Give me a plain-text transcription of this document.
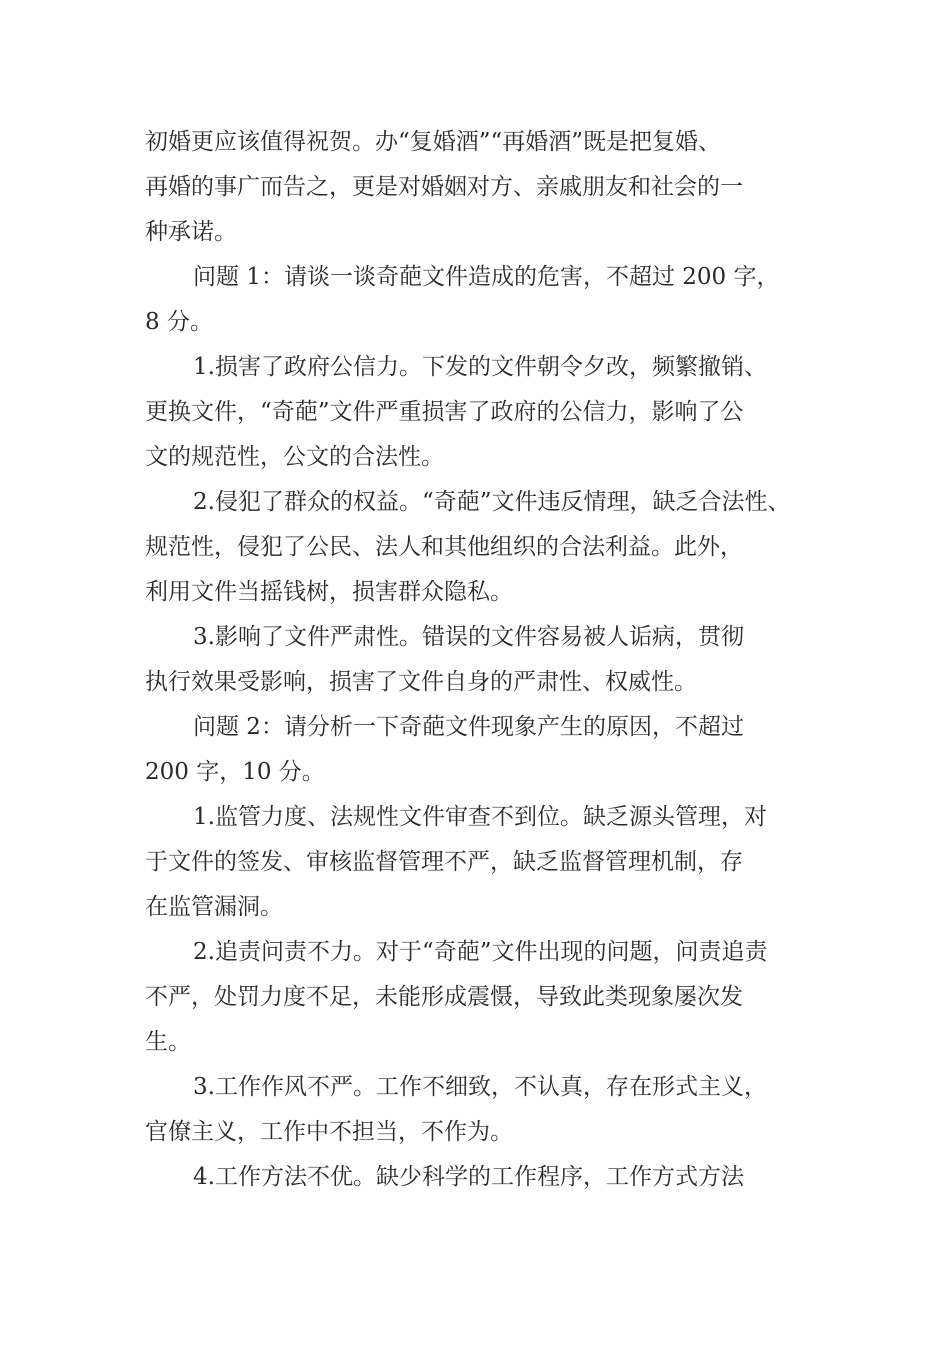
初婚更应该值得祝贺。办“复婚酒”“再婚酒”既是把复婚、
再婚的事广而告之，更是对婚姻对方、亲戚朋友和社会的一
种承诺。
问题 1：请谈一谈奇葩文件造成的危害，不超过 200 字，
8 分。
1.损害了政府公信力。下发的文件朝令夕改，频繁撤销、
更换文件，“奇葩”文件严重损害了政府的公信力，影响了公
文的规范性，公文的合法性。
2.侵犯了群众的权益。“奇葩”文件违反情理，缺乏合法性、
规范性，侵犯了公民、法人和其他组织的合法利益。此外，
利用文件当摇钱树，损害群众隐私。
3.影响了文件严肃性。错误的文件容易被人诟病，贯彻
执行效果受影响，损害了文件自身的严肃性、权威性。
问题 2：请分析一下奇葩文件现象产生的原因，不超过
200 字，10 分。
1.监管力度、法规性文件审查不到位。缺乏源头管理，对
于文件的签发、审核监督管理不严，缺乏监督管理机制，存
在监管漏洞。
2.追责问责不力。对于“奇葩”文件出现的问题，问责追责
不严，处罚力度不足，未能形成震慑，导致此类现象屡次发
生。
3.工作作风不严。工作不细致，不认真，存在形式主义，
官僚主义，工作中不担当，不作为。
4.工作方法不优。缺少科学的工作程序，工作方式方法
